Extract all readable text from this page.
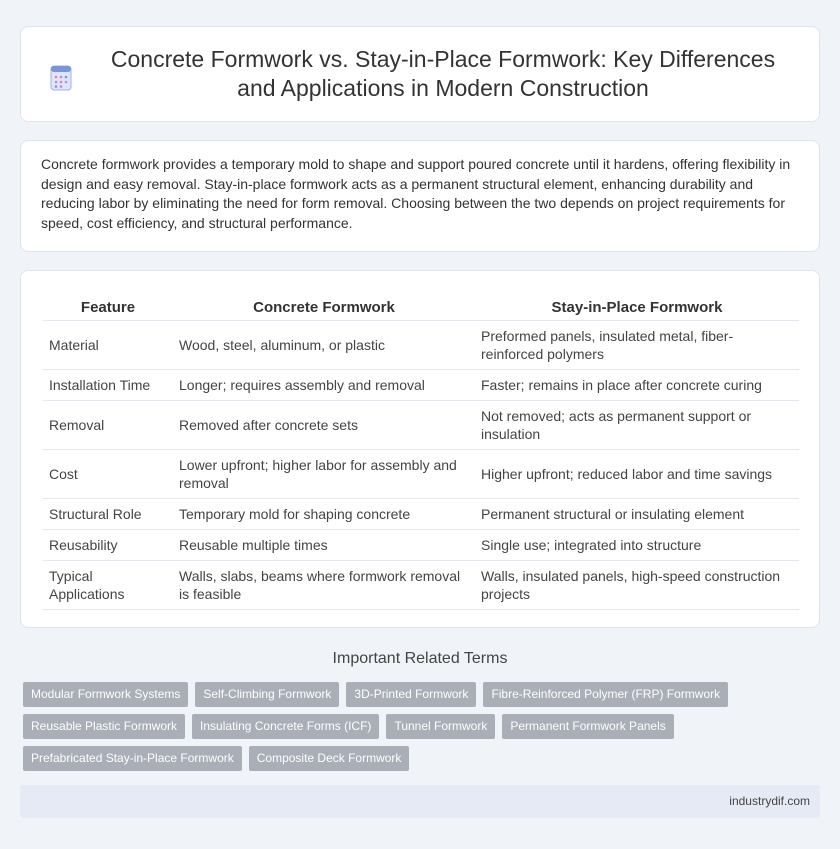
Concrete Formwork vs. Stay-in-Place Formwork: Key Differences and Applications in Modern Construction

Concrete formwork provides a temporary mold to shape and support poured concrete until it hardens, offering flexibility in design and easy removal. Stay-in-place formwork acts as a permanent structural element, enhancing durability and reducing labor by eliminating the need for form removal. Choosing between the two depends on project requirements for speed, cost efficiency, and structural performance.

Feature	Concrete Formwork	Stay-in-Place Formwork
Material	Wood, steel, aluminum, or plastic	Preformed panels, insulated metal, fiber-reinforced polymers
Installation Time	Longer; requires assembly and removal	Faster; remains in place after concrete curing
Removal	Removed after concrete sets	Not removed; acts as permanent support or insulation
Cost	Lower upfront; higher labor for assembly and removal	Higher upfront; reduced labor and time savings
Structural Role	Temporary mold for shaping concrete	Permanent structural or insulating element
Reusability	Reusable multiple times	Single use; integrated into structure
Typical Applications	Walls, slabs, beams where formwork removal is feasible	Walls, insulated panels, high-speed construction projects
Important Related Terms
Modular Formwork Systems	Self-Climbing Formwork	3D-Printed Formwork	Fibre-Reinforced Polymer (FRP) Formwork
Reusable Plastic Formwork	Insulating Concrete Forms (ICF)	Tunnel Formwork	Permanent Formwork Panels
Prefabricated Stay-in-Place Formwork	Composite Deck Formwork
industrydif.com
